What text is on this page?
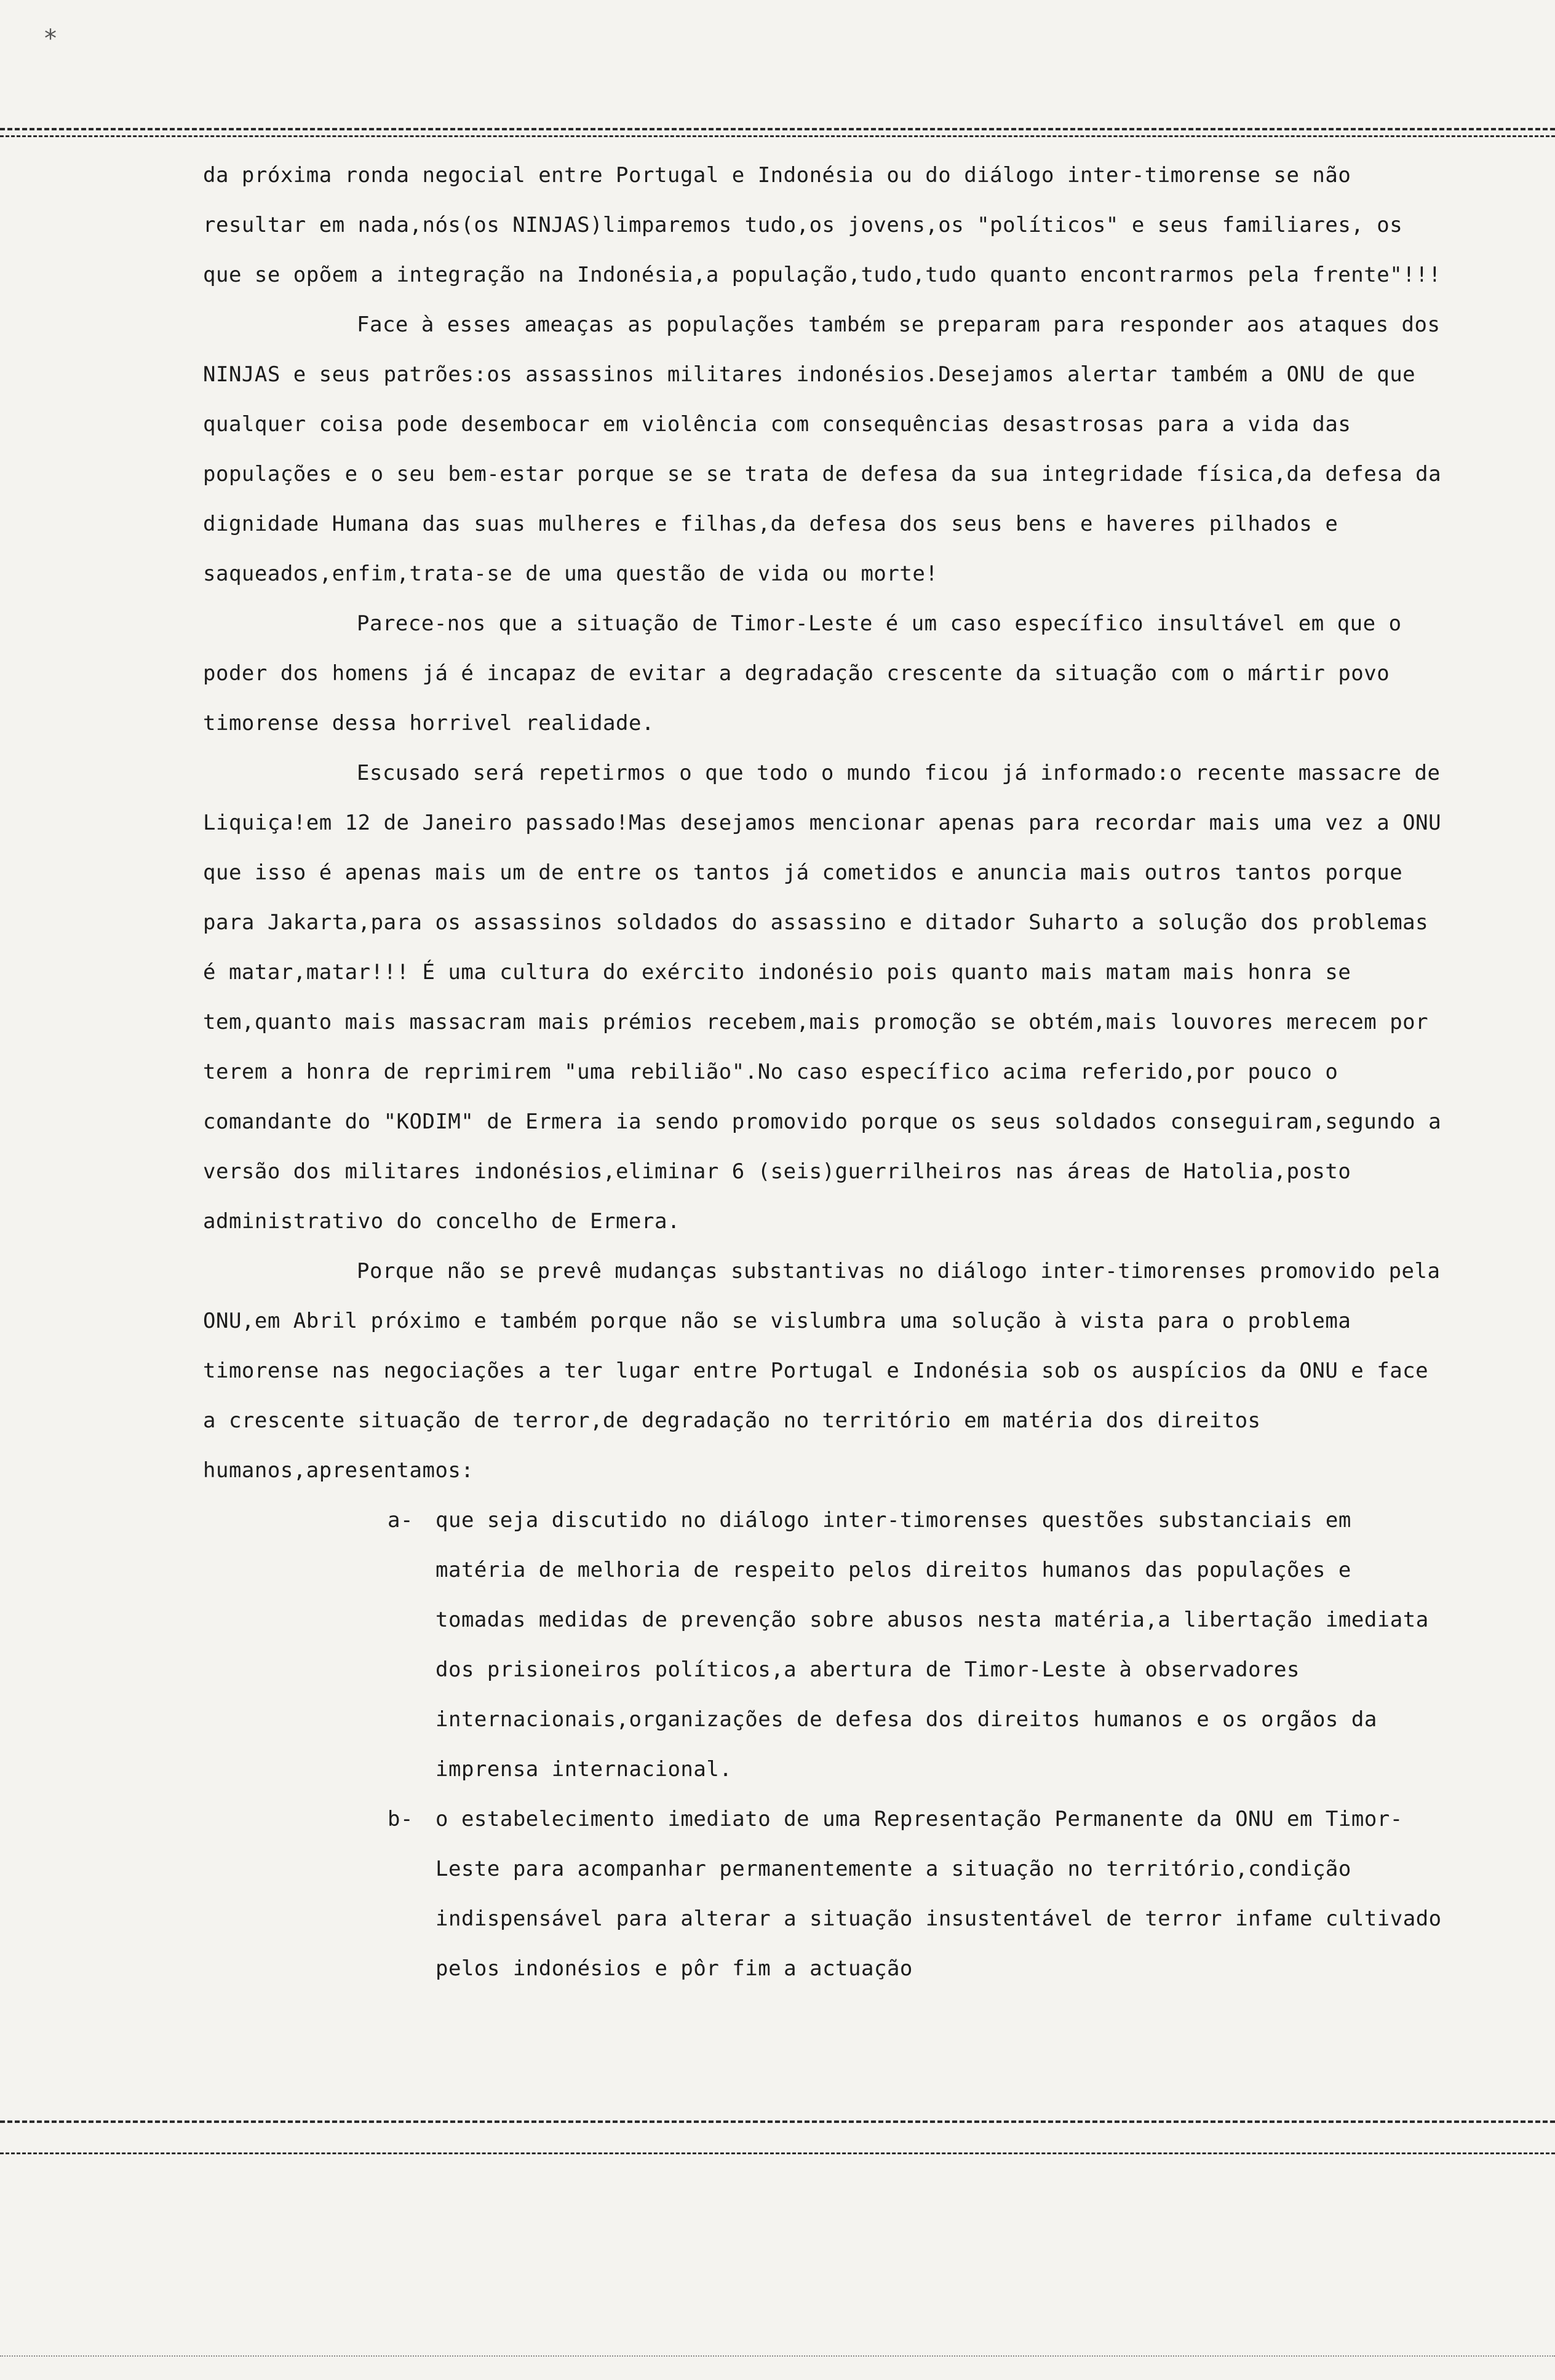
*

da próxima ronda negocial entre Portugal e Indonésia ou do diálogo inter-timorense se não resultar em nada,nós(os NINJAS)limparemos tudo,os jovens,os "políticos" e seus familiares, os que se opõem a integração na Indonésia,a população,tudo,tudo quanto encontrarmos pela frente"!!!

Face à esses ameaças as populações também se preparam para responder aos ataques dos NINJAS e seus patrões:os assassinos militares indonésios.Desejamos alertar também a ONU de que qualquer coisa pode desembocar em violência com consequências desastrosas para a vida das populações e o seu bem-estar porque se se trata de defesa da sua integridade física,da defesa da dignidade Humana das suas mulheres e filhas,da defesa dos seus bens e haveres pilhados e saqueados,enfim,trata-se de uma questão de vida ou morte!

Parece-nos que a situação de Timor-Leste é um caso específico insultável em que o poder dos homens já é incapaz de evitar a degradação crescente da situação com o mártir povo timorense dessa horrivel realidade.

Escusado será repetirmos o que todo o mundo ficou já informado:o recente massacre de Liquiça!em 12 de Janeiro passado!Mas desejamos mencionar apenas para recordar mais uma vez a ONU que isso é apenas mais um de entre os tantos já cometidos e anuncia mais outros tantos porque para Jakarta,para os assassinos soldados do assassino e ditador Suharto a solução dos problemas é matar,matar!!! É uma cultura do exército indonésio pois quanto mais matam mais honra se tem,quanto mais massacram mais prémios recebem,mais promoção se obtém,mais louvores merecem por terem a honra de reprimirem "uma rebilião".No caso específico acima referido,por pouco o comandante do "KODIM" de Ermera ia sendo promovido porque os seus soldados conseguiram,segundo a versão dos militares indonésios,eliminar 6 (seis)guerrilheiros nas áreas de Hatolia,posto administrativo do concelho de Ermera.

Porque não se prevê mudanças substantivas no diálogo inter-timorenses promovido pela ONU,em Abril próximo e também porque não se vislumbra uma solução à vista para o problema timorense nas negociações a ter lugar entre Portugal e Indonésia sob os auspícios da ONU e face a crescente situação de terror,de degradação no território em matéria dos direitos humanos,apresentamos:

a-	que seja discutido no diálogo inter-timorenses questões substanciais em matéria de melhoria de respeito pelos direitos humanos das populações e tomadas medidas de prevenção sobre abusos nesta matéria,a libertação imediata dos prisioneiros políticos,a abertura de Timor-Leste à observadores internacionais,organizações de defesa dos direitos humanos e os orgãos da imprensa internacional.
b-	o estabelecimento imediato de uma Representação Permanente da ONU em Timor-Leste para acompanhar permanentemente a situação no território,condição indispensável para alterar a situação insustentável de terror infame cultivado pelos indonésios e pôr fim a actuação
